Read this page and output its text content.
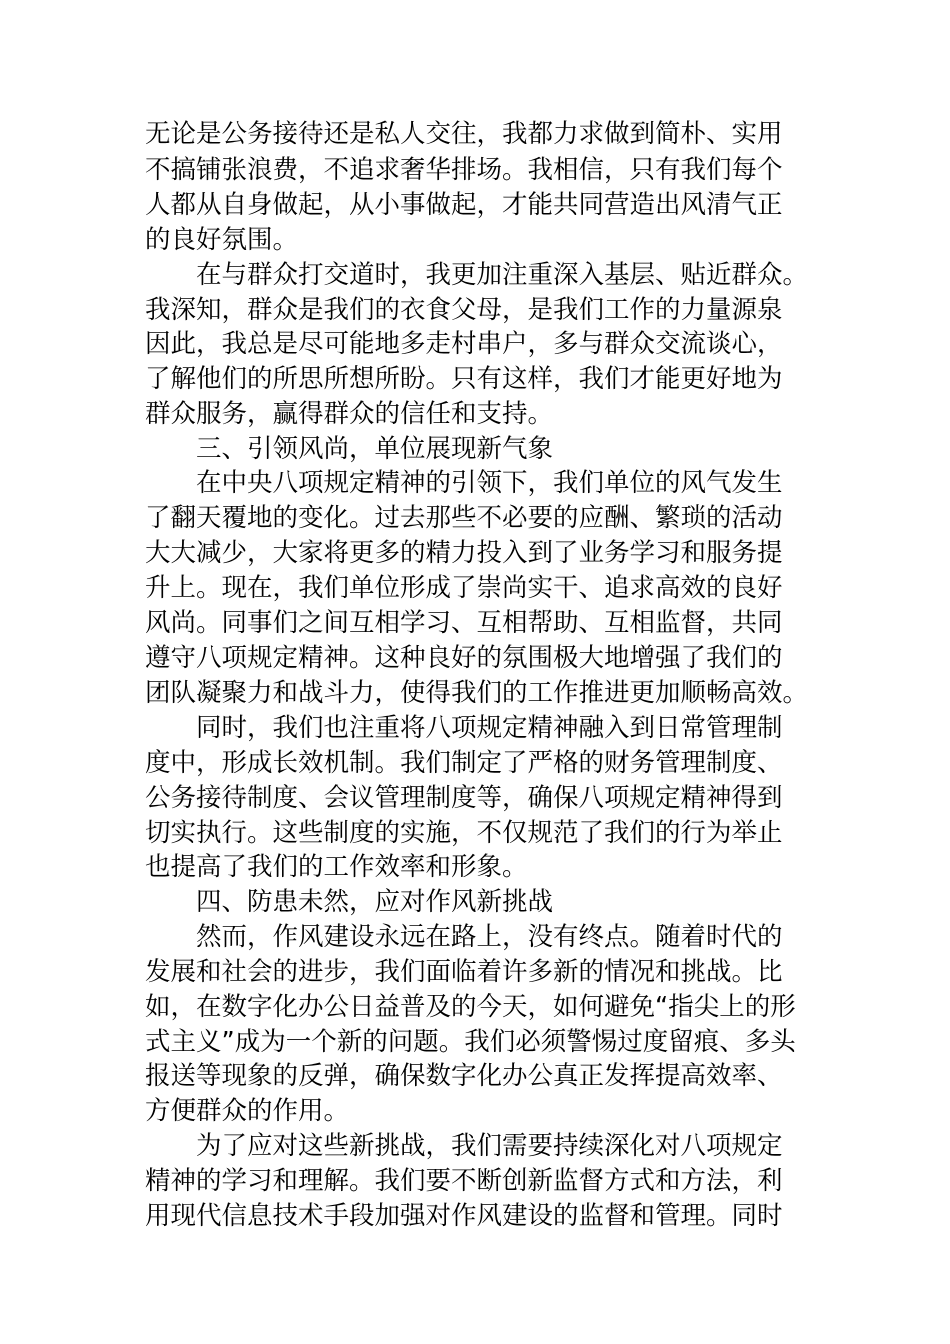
无论是公务接待还是私人交往，我都力求做到简朴、实用
不搞铺张浪费，不追求奢华排场。我相信，只有我们每个
人都从自身做起，从小事做起，才能共同营造出风清气正
的良好氛围。
在与群众打交道时，我更加注重深入基层、贴近群众。
我深知，群众是我们的衣食父母，是我们工作的力量源泉
因此，我总是尽可能地多走村串户，多与群众交流谈心，
了解他们的所思所想所盼。只有这样，我们才能更好地为
群众服务，赢得群众的信任和支持。
三、引领风尚，单位展现新气象
在中央八项规定精神的引领下，我们单位的风气发生
了翻天覆地的变化。过去那些不必要的应酬、繁琐的活动
大大减少，大家将更多的精力投入到了业务学习和服务提
升上。现在，我们单位形成了崇尚实干、追求高效的良好
风尚。同事们之间互相学习、互相帮助、互相监督，共同
遵守八项规定精神。这种良好的氛围极大地增强了我们的
团队凝聚力和战斗力，使得我们的工作推进更加顺畅高效。
同时，我们也注重将八项规定精神融入到日常管理制
度中，形成长效机制。我们制定了严格的财务管理制度、
公务接待制度、会议管理制度等，确保八项规定精神得到
切实执行。这些制度的实施，不仅规范了我们的行为举止
也提高了我们的工作效率和形象。
四、防患未然，应对作风新挑战
然而，作风建设永远在路上，没有终点。随着时代的
发展和社会的进步，我们面临着许多新的情况和挑战。比
如，在数字化办公日益普及的今天，如何避免“指尖上的形
式主义”成为一个新的问题。我们必须警惕过度留痕、多头
报送等现象的反弹，确保数字化办公真正发挥提高效率、
方便群众的作用。
为了应对这些新挑战，我们需要持续深化对八项规定
精神的学习和理解。我们要不断创新监督方式和方法，利
用现代信息技术手段加强对作风建设的监督和管理。同时
